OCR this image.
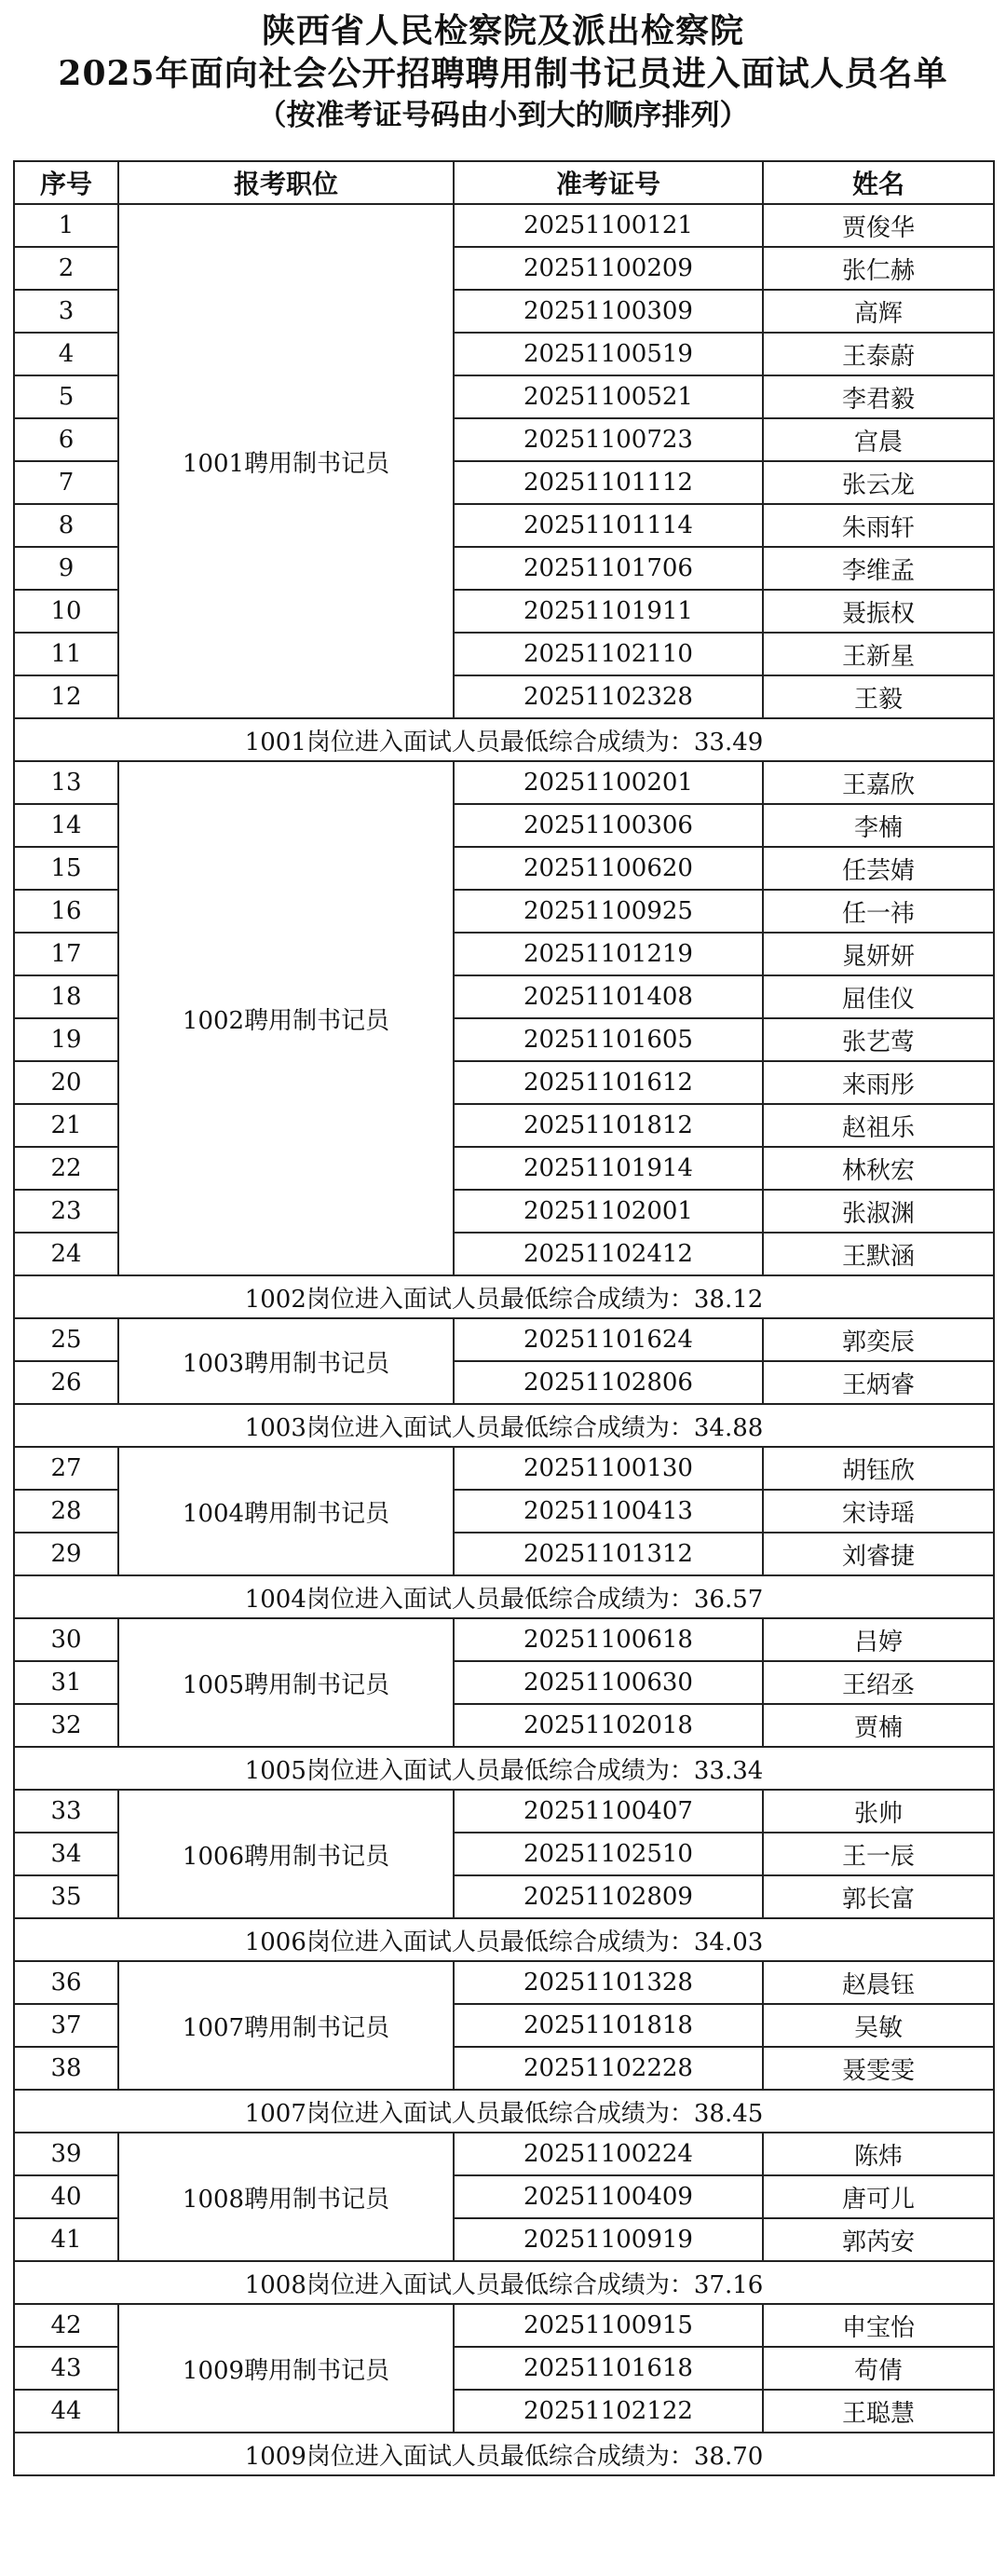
陕西省人民检察院及派出检察院
2025年面向社会公开招聘聘用制书记员进入面试人员名单
（按准考证号码由小到大的顺序排列）
序号	报考职位	准考证号	姓名
1	1001聘用制书记员	20251100121	贾俊华
2		20251100209	张仁赫
3		20251100309	高辉
4		20251100519	王泰蔚
5		20251100521	李君毅
6		20251100723	宫晨
7		20251101112	张云龙
8		20251101114	朱雨轩
9		20251101706	李维孟
10		20251101911	聂振权
11		20251102110	王新星
12		20251102328	王毅
1001岗位进入面试人员最低综合成绩为：33.49			
13	1002聘用制书记员	20251100201	王嘉欣
14		20251100306	李楠
15		20251100620	任芸婧
16		20251100925	任一祎
17		20251101219	晁妍妍
18		20251101408	屈佳仪
19		20251101605	张艺莺
20		20251101612	来雨彤
21		20251101812	赵祖乐
22		20251101914	林秋宏
23		20251102001	张淑渊
24		20251102412	王默涵
1002岗位进入面试人员最低综合成绩为：38.12			
25	1003聘用制书记员	20251101624	郭奕辰
26		20251102806	王炳睿
1003岗位进入面试人员最低综合成绩为：34.88			
27	1004聘用制书记员	20251100130	胡钰欣
28		20251100413	宋诗瑶
29		20251101312	刘睿捷
1004岗位进入面试人员最低综合成绩为：36.57			
30	1005聘用制书记员	20251100618	吕婷
31		20251100630	王绍丞
32		20251102018	贾楠
1005岗位进入面试人员最低综合成绩为：33.34			
33	1006聘用制书记员	20251100407	张帅
34		20251102510	王一辰
35		20251102809	郭长富
1006岗位进入面试人员最低综合成绩为：34.03			
36	1007聘用制书记员	20251101328	赵晨钰
37		20251101818	吴敏
38		20251102228	聂雯雯
1007岗位进入面试人员最低综合成绩为：38.45			
39	1008聘用制书记员	20251100224	陈炜
40		20251100409	唐可儿
41		20251100919	郭芮安
1008岗位进入面试人员最低综合成绩为：37.16			
42	1009聘用制书记员	20251100915	申宝怡
43		20251101618	苟倩
44		20251102122	王聪慧
1009岗位进入面试人员最低综合成绩为：38.70			
